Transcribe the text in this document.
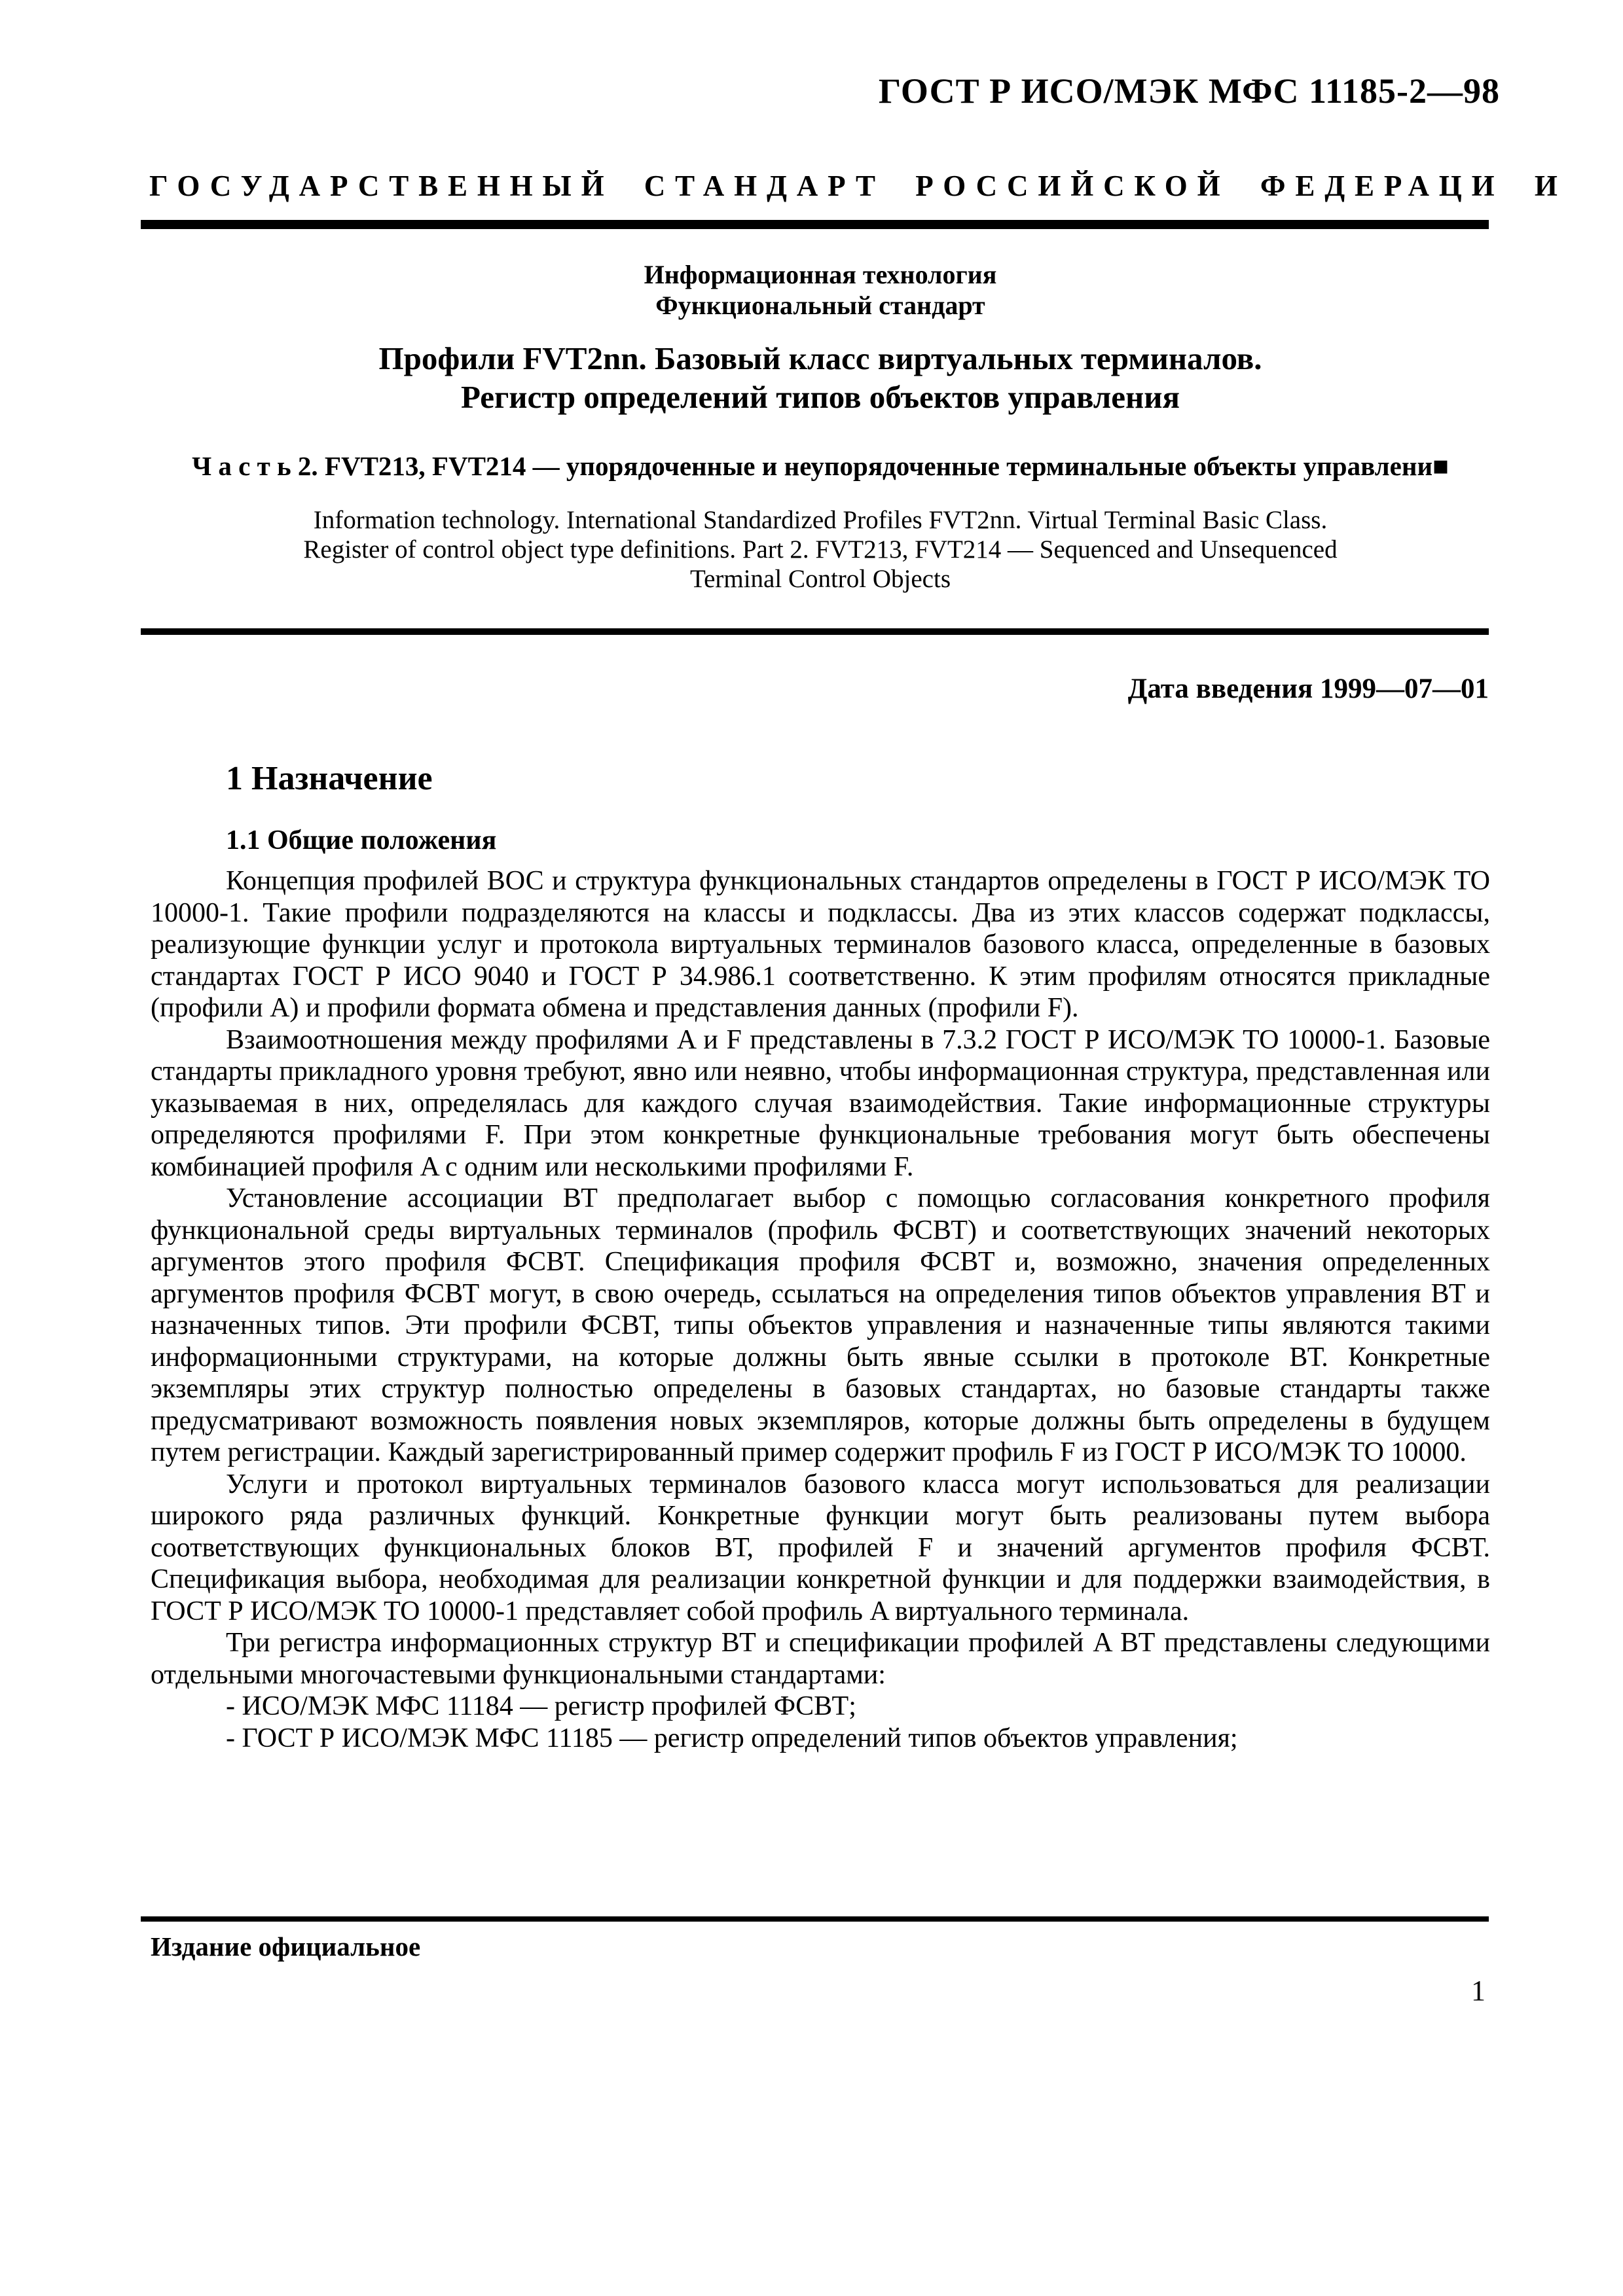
ГОСТ Р ИСО/МЭК МФС 11185-2—98
ГОСУДАРСТВЕННЫЙ СТАНДАРТ РОССИЙСКОЙ ФЕДЕРАЦИ И
Информационная технология
Функциональный стандарт
Профили FVT2nn. Базовый класс виртуальных терминалов.
Регистр определений типов объектов управления
Ч а с т ь 2. FVT213, FVT214 — упорядоченные и неупорядоченные терминальные объекты управлени■
Information technology. International Standardized Profiles FVT2nn. Virtual Terminal Basic Class.
Register of control object type definitions. Part 2. FVT213, FVT214 — Sequenced and Unsequenced
Terminal Control Objects
Дата введения 1999—07—01
1 Назначение
1.1 Общие положения

Концепция профилей ВОС и структура функциональных стандартов определены в ГОСТ Р ИСО/МЭК ТО 10000-1. Такие профили подразделяются на классы и подклассы. Два из этих классов содержат подклассы, реализующие функции услуг и протокола виртуальных терминалов базового класса, определенные в базовых стандартах ГОСТ Р ИСО 9040 и ГОСТ Р 34.986.1 соответственно. К этим профилям относятся прикладные (профили A) и профили формата обмена и представления данных (профили F).

Взаимоотношения между профилями A и F представлены в 7.3.2 ГОСТ Р ИСО/МЭК ТО 10000-1. Базовые стандарты прикладного уровня требуют, явно или неявно, чтобы информационная структура, представленная или указываемая в них, определялась для каждого случая взаимодействия. Такие информационные структуры определяются профилями F. При этом конкретные функциональные требования могут быть обеспечены комбинацией профиля A с одним или несколькими профилями F.

Установление ассоциации ВТ предполагает выбор с помощью согласования конкретного профиля функциональной среды виртуальных терминалов (профиль ФСВТ) и соответствующих значений некоторых аргументов этого профиля ФСВТ. Спецификация профиля ФСВТ и, возможно, значения определенных аргументов профиля ФСВТ могут, в свою очередь, ссылаться на определения типов объектов управления ВТ и назначенных типов. Эти профили ФСВТ, типы объектов управления и назначенные типы являются такими информационными структурами, на которые должны быть явные ссылки в протоколе ВТ. Конкретные экземпляры этих структур полностью определены в базовых стандартах, но базовые стандарты также предусматривают возможность появления новых экземпляров, которые должны быть определены в будущем путем регистрации. Каждый зарегистрированный пример содержит профиль F из ГОСТ Р ИСО/МЭК ТО 10000.

Услуги и протокол виртуальных терминалов базового класса могут использоваться для реализации широкого ряда различных функций. Конкретные функции могут быть реализованы путем выбора соответствующих функциональных блоков ВТ, профилей F и значений аргументов профиля ФСВТ. Спецификация выбора, необходимая для реализации конкретной функции и для поддержки взаимодействия, в ГОСТ Р ИСО/МЭК ТО 10000-1 представляет собой профиль A виртуального терминала.

Три регистра информационных структур ВТ и спецификации профилей A ВТ представлены следующими отдельными многочастевыми функциональными стандартами:

- ИСО/МЭК МФС 11184 — регистр профилей ФСВТ;

- ГОСТ Р ИСО/МЭК МФС 11185 — регистр определений типов объектов управления;

Издание официальное
1
